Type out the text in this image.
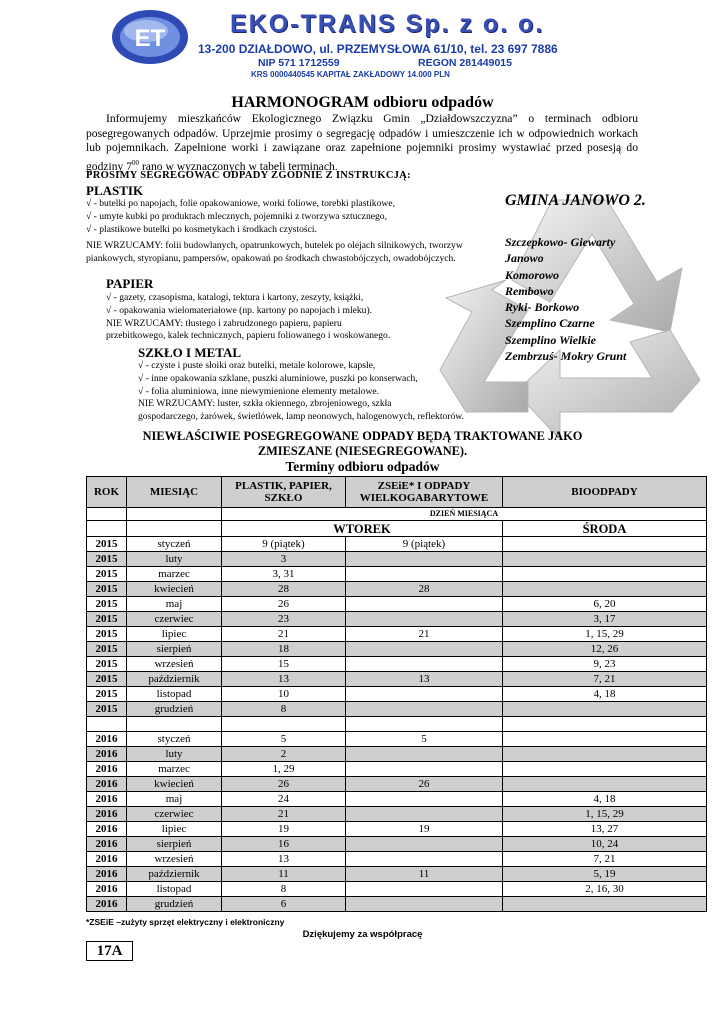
ET
EKO-TRANS Sp. z o. o.
13-200 DZIAŁDOWO, ul. PRZEMYSŁOWA 61/10, tel. 23 697 7886
NIP 571 1712559	REGON 281449015
KRS 0000440545 KAPITAŁ ZAKŁADOWY 14.000 PLN
HARMONOGRAM odbioru odpadów
Informujemy mieszkańców Ekologicznego Związku Gmin „Działdowszczyzna” o terminach odbioru posegregowanych odpadów. Uprzejmie prosimy o segregację odpadów i umieszczenie ich w odpowiednich workach lub pojemnikach. Zapełnione worki i zawiązane oraz zapełnione pojemniki prosimy wystawiać przed posesją do godziny $7^{00}$ rano w wyznaczonych w tabeli terminach.
PROSIMY SEGREGOWAĆ ODPADY ZGODNIE Z INSTRUKCJĄ:
PLASTIK
√ - butelki po napojach, folie opakowaniowe, worki foliowe, torebki plastikowe,
√ - umyte kubki po produktach mlecznych, pojemniki z tworzywa sztucznego,
√ - plastikowe butelki po kosmetykach i środkach czystości.
NIE WRZUCAMY: folii budowlanych, opatrunkowych, butelek po olejach silnikowych, tworzyw piankowych, styropianu, pampersów, opakowań po środkach chwastobójczych, owadobójczych.
PAPIER
√ - gazety, czasopisma, katalogi, tektura i kartony, zeszyty, książki,
√ - opakowania wielomateriałowe (np. kartony po napojach i mleku).
NIE WRZUCAMY: tłustego i zabrudzonego papieru, papieru
przebitkowego, kalek technicznych, papieru foliowanego i woskowanego.
SZKŁO I METAL
√ - czyste i puste słoiki oraz butelki, metale kolorowe, kapsle,
√ - inne opakowania szklane, puszki aluminiowe, puszki po konserwach,
√ - folia aluminiowa, inne niewymienione elementy metalowe.
NIE WRZUCAMY: luster, szkła okiennego, zbrojeniowego, szkła
gospodarczego, żarówek, świetlówek, lamp neonowych, halogenowych, reflektorów.
GMINA JANOWO 2.
Szczepkowo- Giewarty
Janowo
Komorowo
Rembowo
Ryki- Borkowo
Szemplino Czarne
Szemplino Wielkie
Zembrzuś- Mokry Grunt
NIEWŁAŚCIWIE POSEGREGOWANE ODPADY BĘDĄ TRAKTOWANE JAKO
ZMIESZANE (NIESEGREGOWANE).
Terminy odbioru odpadów
ROK	MIESIĄC	PLASTIK, PAPIER, SZKŁO	ZSEiE* I ODPADY WIELKOGABARYTOWE	BIOODPADY
		DZIEŃ MIESIĄCA		
		WTOREK		ŚRODA
2015	styczeń	9 (piątek)	9 (piątek)	
2015	luty	3		
2015	marzec	3, 31		
2015	kwiecień	28	28	
2015	maj	26		6, 20
2015	czerwiec	23		3, 17
2015	lipiec	21	21	1, 15, 29
2015	sierpień	18		12, 26
2015	wrzesień	15		9, 23
2015	październik	13	13	7, 21
2015	listopad	10		4, 18
2015	grudzień	8		

2016	styczeń	5	5	
2016	luty	2		
2016	marzec	1, 29		
2016	kwiecień	26	26	
2016	maj	24		4, 18
2016	czerwiec	21		1, 15, 29
2016	lipiec	19	19	13, 27
2016	sierpień	16		10, 24
2016	wrzesień	13		7, 21
2016	październik	11	11	5, 19
2016	listopad	8		2, 16, 30
2016	grudzień	6		
*ZSEiE –zużyty sprzęt elektryczny i elektroniczny
Dziękujemy za współpracę
17A
